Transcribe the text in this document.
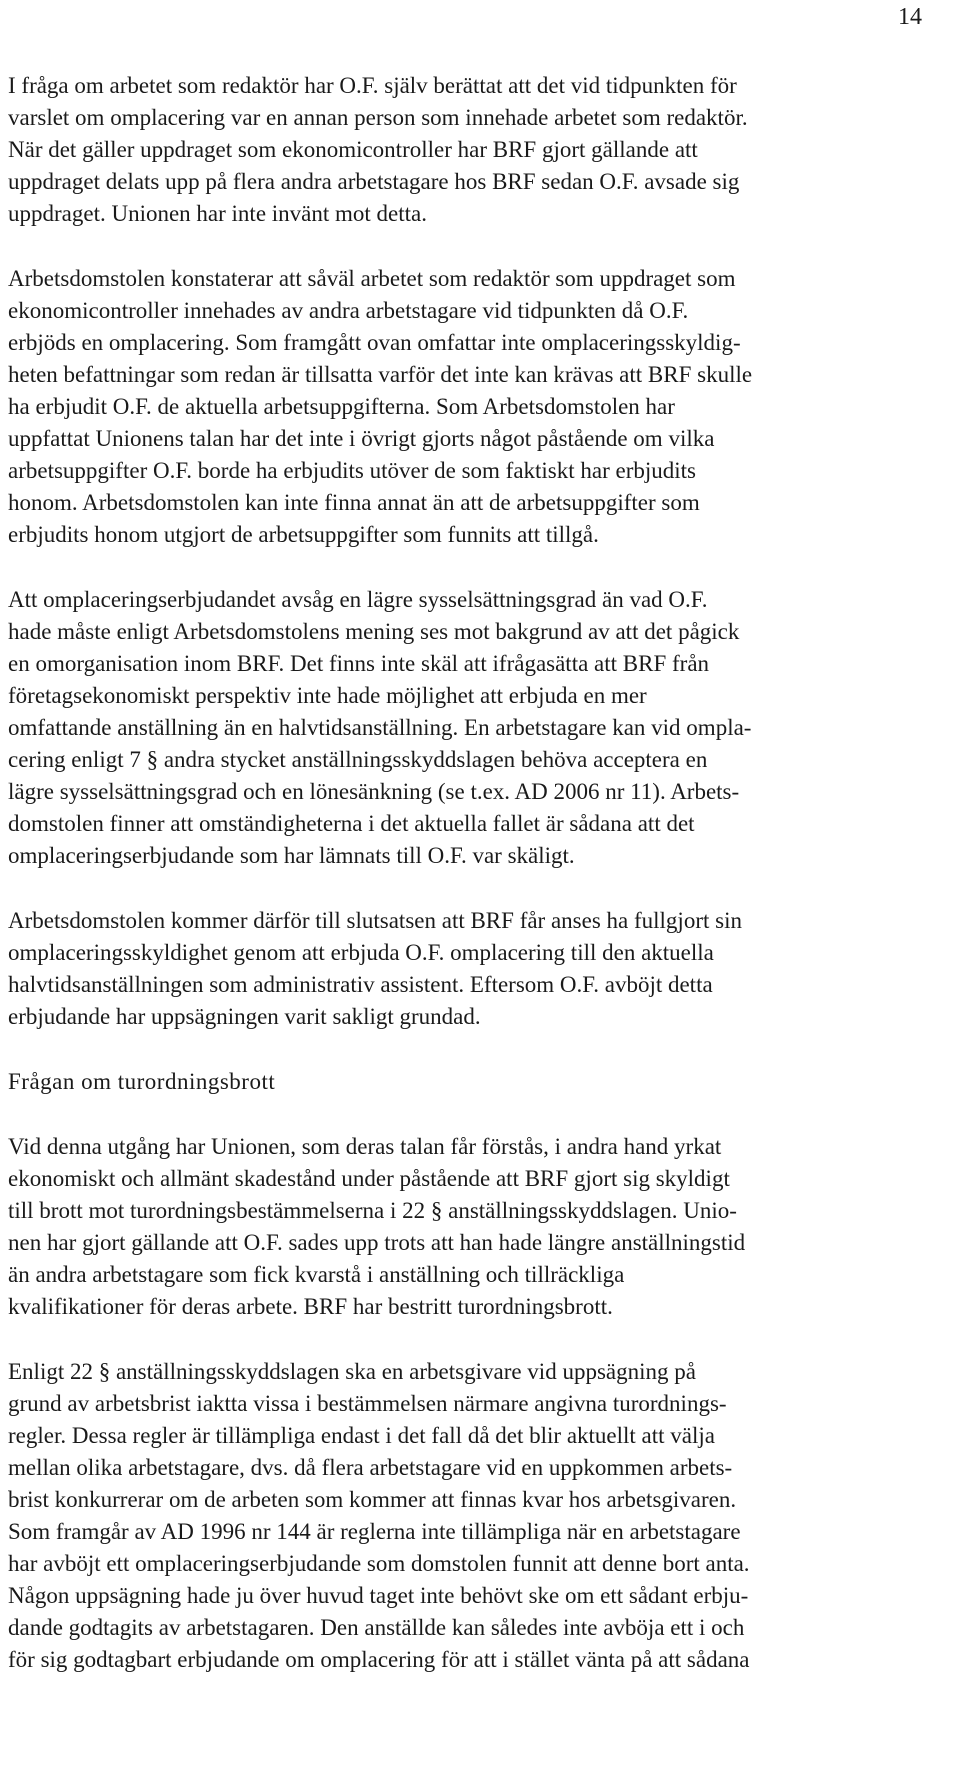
14

I fråga om arbetet som redaktör har O.F. själv berättat att det vid tidpunkten för

varslet om omplacering var en annan person som innehade arbetet som redaktör.

När det gäller uppdraget som ekonomicontroller har BRF gjort gällande att

uppdraget delats upp på flera andra arbetstagare hos BRF sedan O.F. avsade sig

uppdraget. Unionen har inte invänt mot detta.

Arbetsdomstolen konstaterar att såväl arbetet som redaktör som uppdraget som

ekonomicontroller innehades av andra arbetstagare vid tidpunkten då O.F.

erbjöds en omplacering. Som framgått ovan omfattar inte omplaceringsskyldig-

heten befattningar som redan är tillsatta varför det inte kan krävas att BRF skulle

ha erbjudit O.F. de aktuella arbetsuppgifterna. Som Arbetsdomstolen har

uppfattat Unionens talan har det inte i övrigt gjorts något påstående om vilka

arbetsuppgifter O.F. borde ha erbjudits utöver de som faktiskt har erbjudits

honom. Arbetsdomstolen kan inte finna annat än att de arbetsuppgifter som

erbjudits honom utgjort de arbetsuppgifter som funnits att tillgå.

Att omplaceringserbjudandet avsåg en lägre sysselsättningsgrad än vad O.F.

hade måste enligt Arbetsdomstolens mening ses mot bakgrund av att det pågick

en omorganisation inom BRF. Det finns inte skäl att ifrågasätta att BRF från

företagsekonomiskt perspektiv inte hade möjlighet att erbjuda en mer

omfattande anställning än en halvtidsanställning. En arbetstagare kan vid ompla-

cering enligt 7 § andra stycket anställningsskyddslagen behöva acceptera en

lägre sysselsättningsgrad och en lönesänkning (se t.ex. AD 2006 nr 11). Arbets-

domstolen finner att omständigheterna i det aktuella fallet är sådana att det

omplaceringserbjudande som har lämnats till O.F. var skäligt.

Arbetsdomstolen kommer därför till slutsatsen att BRF får anses ha fullgjort sin

omplaceringsskyldighet genom att erbjuda O.F. omplacering till den aktuella

halvtidsanställningen som administrativ assistent. Eftersom O.F. avböjt detta

erbjudande har uppsägningen varit sakligt grundad.

Frågan om turordningsbrott

Vid denna utgång har Unionen, som deras talan får förstås, i andra hand yrkat

ekonomiskt och allmänt skadestånd under påstående att BRF gjort sig skyldigt

till brott mot turordningsbestämmelserna i 22 § anställningsskyddslagen. Unio-

nen har gjort gällande att O.F. sades upp trots att han hade längre anställningstid

än andra arbetstagare som fick kvarstå i anställning och tillräckliga

kvalifikationer för deras arbete. BRF har bestritt turordningsbrott.

Enligt 22 § anställningsskyddslagen ska en arbetsgivare vid uppsägning på

grund av arbetsbrist iaktta vissa i bestämmelsen närmare angivna turordnings-

regler. Dessa regler är tillämpliga endast i det fall då det blir aktuellt att välja

mellan olika arbetstagare, dvs. då flera arbetstagare vid en uppkommen arbets-

brist konkurrerar om de arbeten som kommer att finnas kvar hos arbetsgivaren.

Som framgår av AD 1996 nr 144 är reglerna inte tillämpliga när en arbetstagare

har avböjt ett omplaceringserbjudande som domstolen funnit att denne bort anta.

Någon uppsägning hade ju över huvud taget inte behövt ske om ett sådant erbju-

dande godtagits av arbetstagaren. Den anställde kan således inte avböja ett i och

för sig godtagbart erbjudande om omplacering för att i stället vänta på att sådana
